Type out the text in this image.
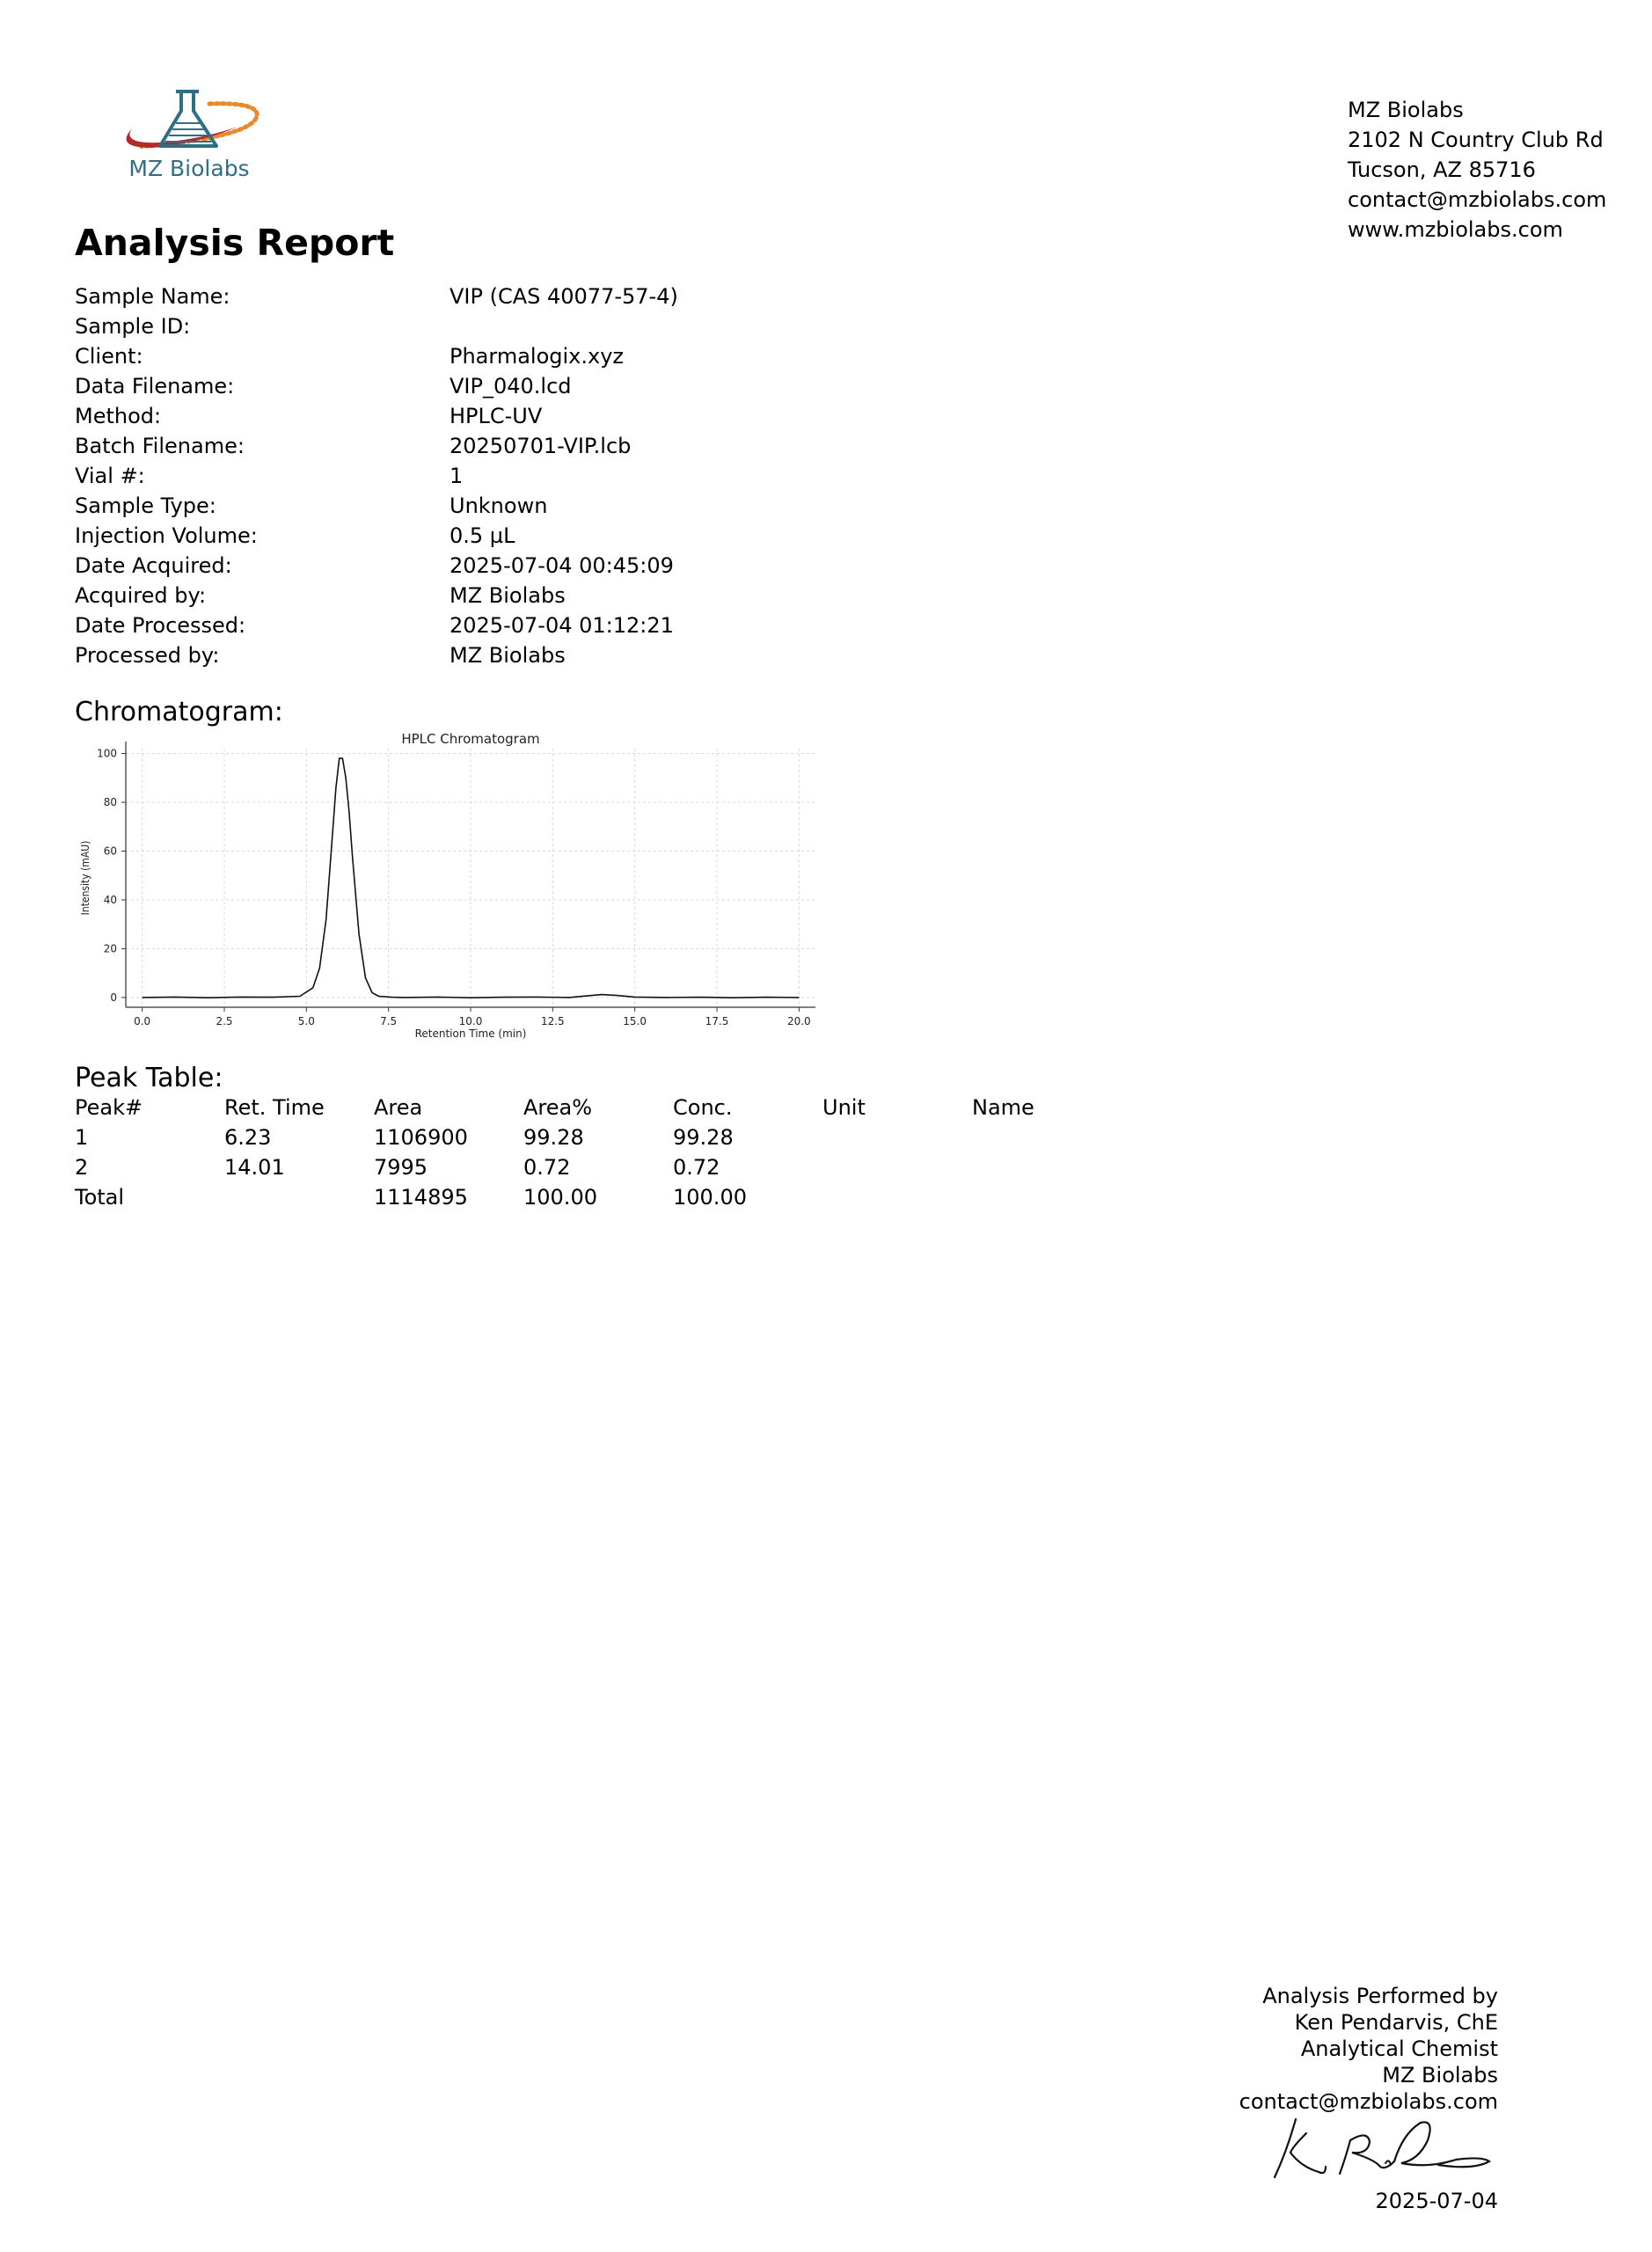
MZ Biolabs
MZ Biolabs
2102 N Country Club Rd
Tucson, AZ 85716
contact@mzbiolabs.com
www.mzbiolabs.com
Analysis Report
Sample Name:	VIP (CAS 40077-57-4)
Sample ID:
Client:	Pharmalogix.xyz
Data Filename:	VIP_040.lcd
Method:	HPLC-UV
Batch Filename:	20250701-VIP.lcb
Vial #:	1
Sample Type:	Unknown
Injection Volume:	0.5 µL
Date Acquired:	2025-07-04 00:45:09
Acquired by:	MZ Biolabs
Date Processed:	2025-07-04 01:12:21
Processed by:	MZ Biolabs
Chromatogram:
0.0	2.5	5.0	7.5	10.0	12.5	15.0	17.5	20.0
0
20
40
60
80
100
HPLC Chromatogram
Retention Time (min)
Intensity (mAU)
Peak Table:
Peak#	Ret. Time	Area	Area%	Conc.	Unit	Name
1	6.23	1106900	99.28	99.28		
2	14.01	7995	0.72	0.72		
Total		1114895	100.00	100.00		
Analysis Performed by
Ken Pendarvis, ChE
Analytical Chemist
MZ Biolabs
contact@mzbiolabs.com
2025-07-04
